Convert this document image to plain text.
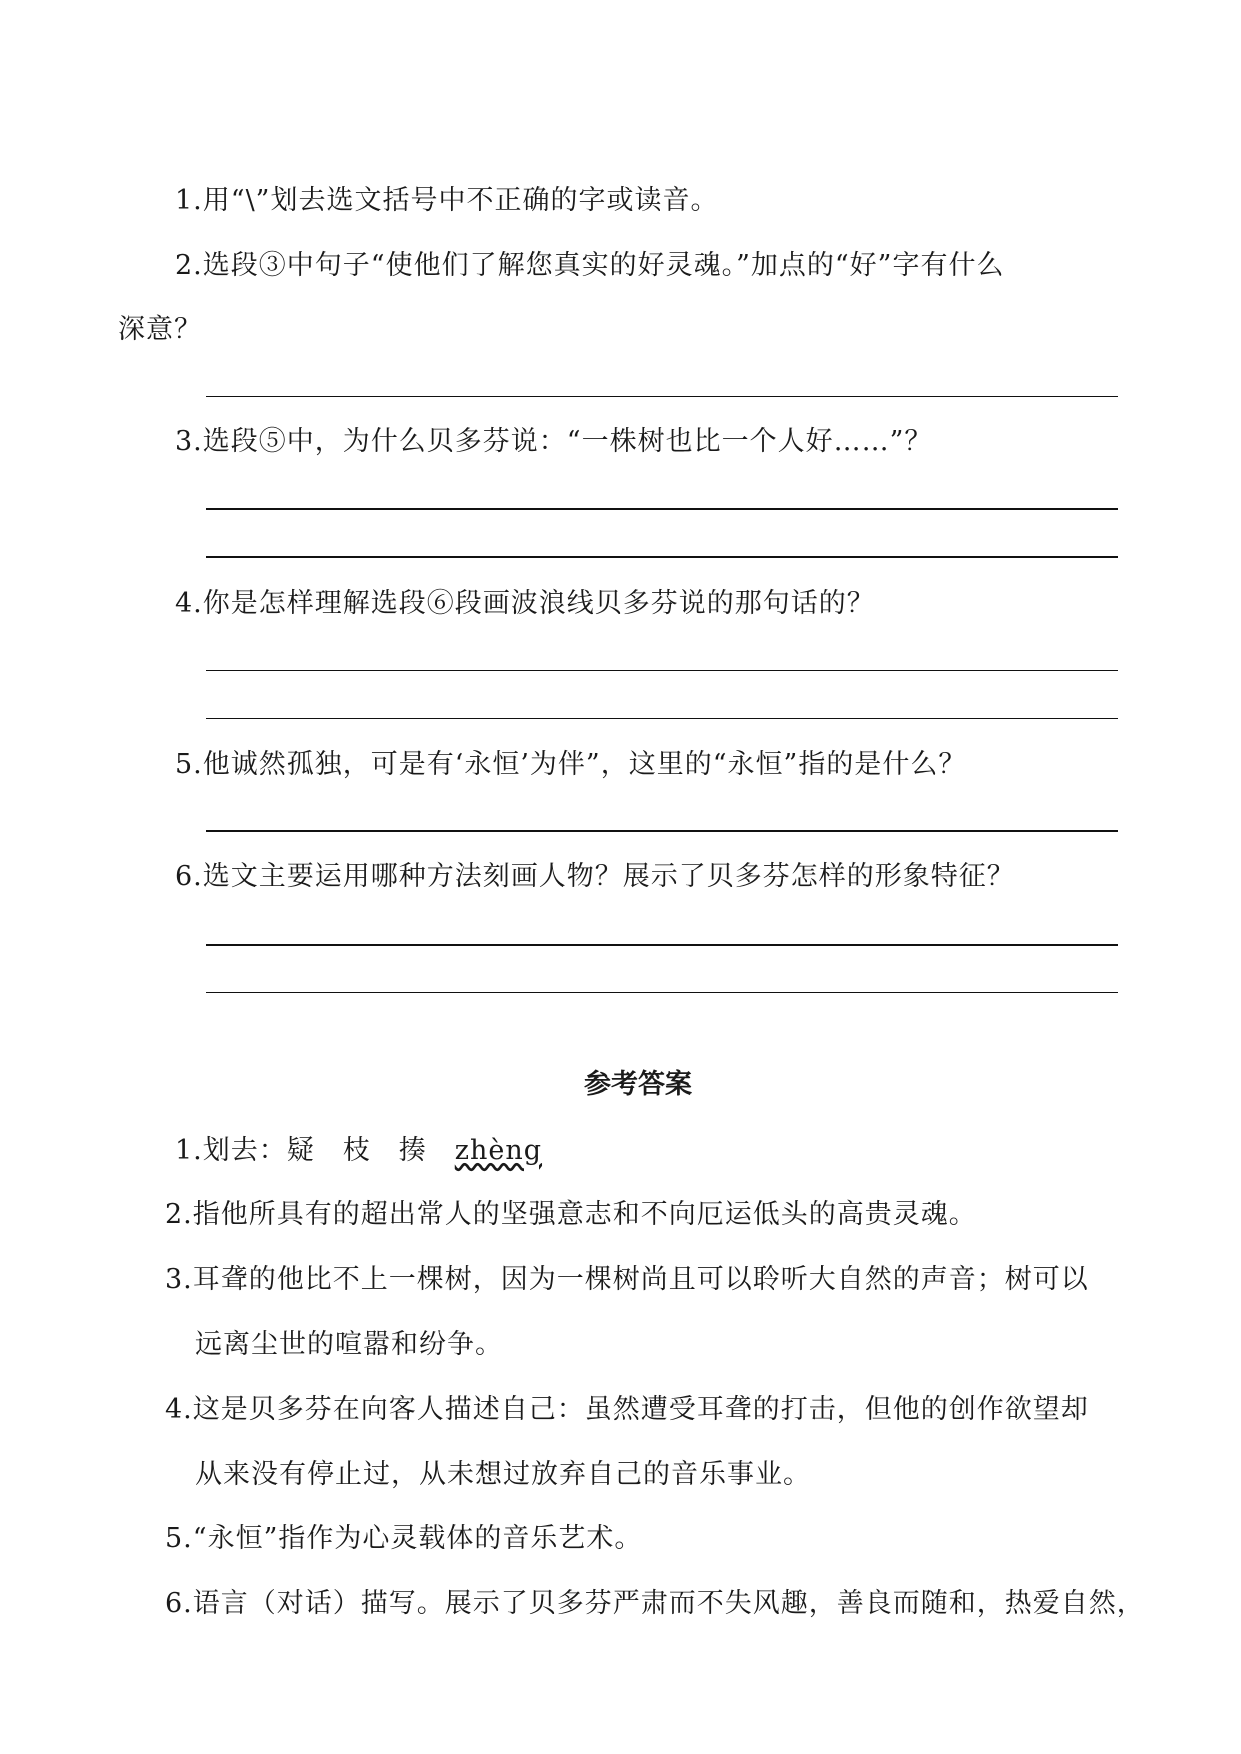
1.用“\”划去选文括号中不正确的字或读音。
2.选段③中句子“使他们了解您真实的好灵魂。”加点的“好”字有什么
深意？
3.选段⑤中，为什么贝多芬说：“一株树也比一个人好……”？
4.你是怎样理解选段⑥段画波浪线贝多芬说的那句话的？
5.他诚然孤独，可是有‘永恒’为伴”，这里的“永恒”指的是什么？
6.选文主要运用哪种方法刻画人物？展示了贝多芬怎样的形象特征？
参考答案
1.划去：疑 枝 揍 zhèng
2.指他所具有的超出常人的坚强意志和不向厄运低头的高贵灵魂。
3.耳聋的他比不上一棵树，因为一棵树尚且可以聆听大自然的声音；树可以
远离尘世的喧嚣和纷争。
4.这是贝多芬在向客人描述自己：虽然遭受耳聋的打击，但他的创作欲望却
从来没有停止过，从未想过放弃自己的音乐事业。
5.“永恒”指作为心灵载体的音乐艺术。
6.语言（对话）描写。展示了贝多芬严肃而不失风趣，善良而随和，热爱自然，
